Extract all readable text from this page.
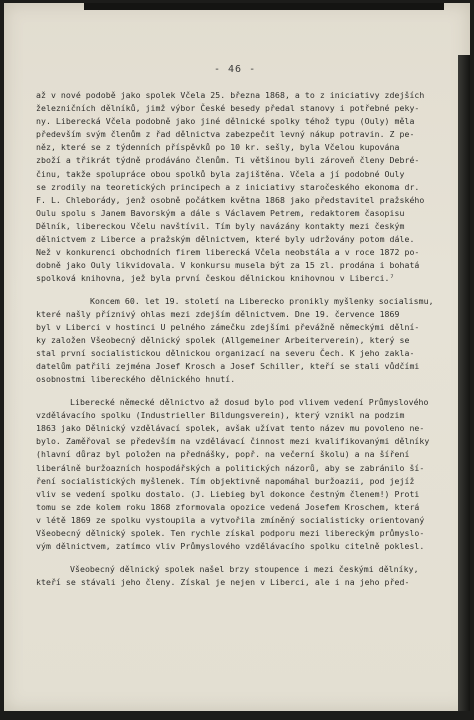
- 46 -
až v nové podobě jako spolek Včela 25. března 1868, a to z iniciativy zdejších
železničních dělníků, jimž výbor České besedy předal stanovy i potřebné peky-
ny. Liberecká Včela podobně jako jiné dělnické spolky téhož typu (Ouly) měla
především svým členům z řad dělnictva zabezpečit levný nákup potravin. Z pe-
něz, které se z týdenních příspěvků po 10 kr. sešly, byla Včelou kupována
zboží a třikrát týdně prodáváno členům. Ti většinou byli zároveň členy Debré-
činu, takže spolupráce obou spolků byla zajištěna. Včela a jí podobné Ouly
se zrodily na teoretických principech a z iniciativy staročeského ekonoma dr.
F. L. Chleborády, jenž osobně počátkem května 1868 jako představitel pražského
Oulu spolu s Janem Bavorským a dále s Václavem Petrem, redaktorem časopisu
Dělník, libereckou Včelu navštívil. Tím byly navázány kontakty mezi českým
dělnictvem z Liberce a pražským dělnictvem, které byly udržovány potom dále.
Než v konkurenci obchodních firem liberecká Včela neobstála a v roce 1872 po-
dobně jako Ouly likvidovala. V konkursu musela být za 15 zl. prodána i bohatá
spolková knihovna, jež byla první českou dělnickou knihovnou v Liberci.⁷
Koncem 60. let 19. století na Liberecko pronikly myšlenky socialismu,
které našly příznivý ohlas mezi zdejším dělnictvem. Dne 19. července 1869
byl v Liberci v hostinci U pelného zámečku zdejšími převážně německými dělní-
ky založen Všeobecný dělnický spolek (Allgemeiner Arbeiterverein), který se
stal první socialistickou dělnickou organizací na severu Čech. K jeho zakla-
datelům patřili zejména Josef Krosch a Josef Schiller, kteří se stali vůdčími
osobnostmi libereckého dělnického hnutí.
Liberecké německé dělnictvo až dosud bylo pod vlivem vedení Průmyslového
vzdělávacího spolku (Industrieller Bildungsverein), který vznikl na podzim
1863 jako Dělnický vzdělávací spolek, avšak užívat tento název mu povoleno ne-
bylo. Zaměřoval se především na vzdělávací činnost mezi kvalifikovanými dělníky
(hlavní důraz byl položen na přednášky, popř. na večerní školu) a na šíření
liberálně buržoazních hospodářských a politických názorů, aby se zabránilo ší-
ření socialistických myšlenek. Tím objektivně napomáhal buržoazii, pod jejíž
vliv se vedení spolku dostalo. (J. Liebieg byl dokonce čestným členem!) Proti
tomu se zde kolem roku 1868 zformovala opozice vedená Josefem Kroschem, která
v létě 1869 ze spolku vystoupila a vytvořila zmíněný socialisticky orientovaný
Všeobecný dělnický spolek. Ten rychle získal podporu mezi libereckým průmyslo-
vým dělnictvem, zatímco vliv Průmyslového vzdělávacího spolku citelně poklesl.
Všeobecný dělnický spolek našel brzy stoupence i mezi českými dělníky,
kteří se stávali jeho členy. Získal je nejen v Liberci, ale i na jeho před-
